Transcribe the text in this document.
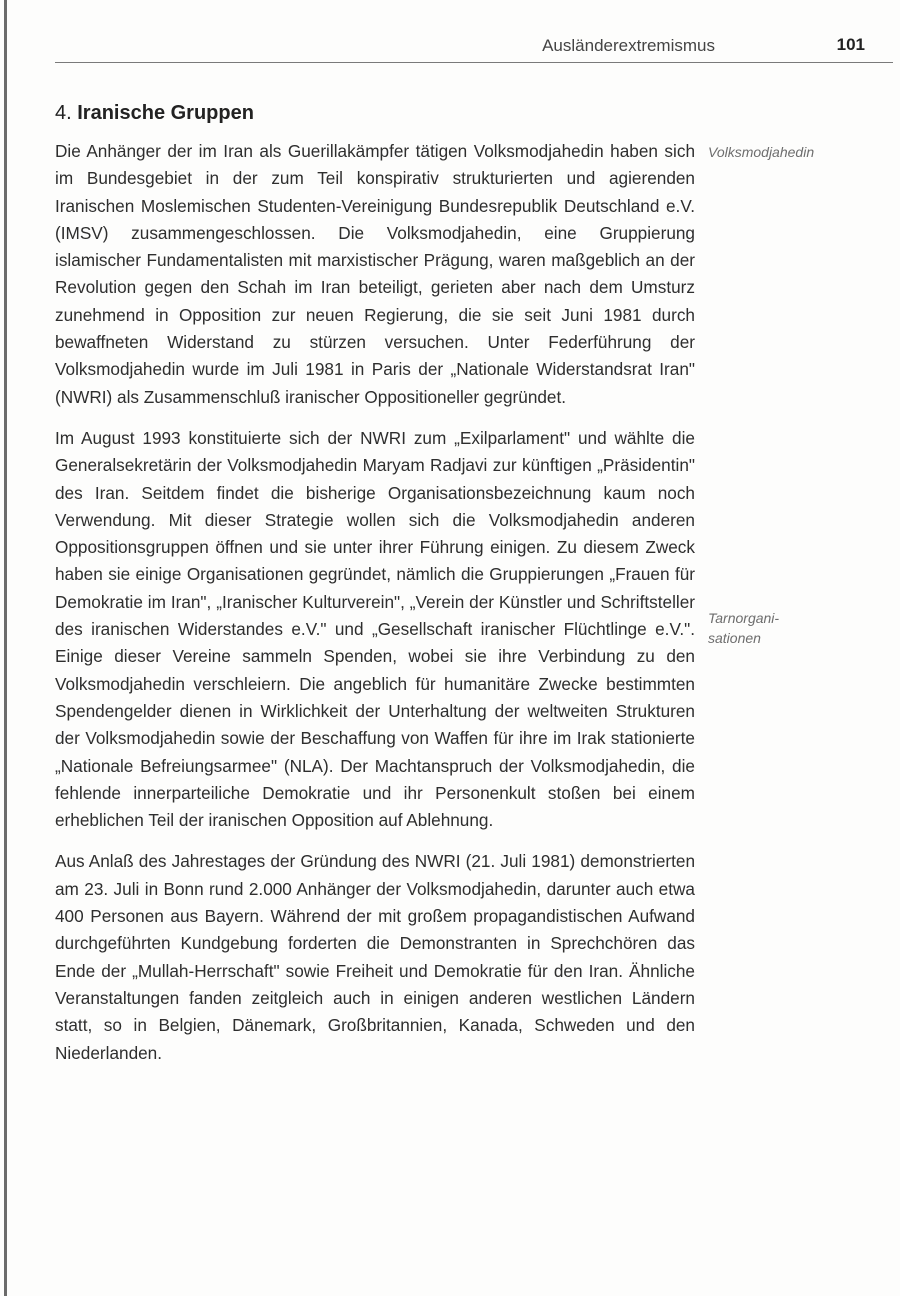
Ausländerextremismus	101
4. Iranische Gruppen

Die Anhänger der im Iran als Guerillakämpfer tätigen Volksmodjahedin haben sich im Bundesgebiet in der zum Teil konspirativ strukturierten und agierenden Iranischen Moslemischen Studenten-Vereinigung Bundesrepublik Deutschland e.V. (IMSV) zusammengeschlossen. Die Volksmodjahedin, eine Gruppierung islamischer Fundamentalisten mit marxistischer Prägung, waren maßgeblich an der Revolution gegen den Schah im Iran beteiligt, gerieten aber nach dem Umsturz zunehmend in Opposition zur neuen Regierung, die sie seit Juni 1981 durch bewaffneten Widerstand zu stürzen versuchen. Unter Federführung der Volksmodjahedin wurde im Juli 1981 in Paris der „Nationale Widerstandsrat Iran" (NWRI) als Zusammenschluß iranischer Oppositioneller gegründet.

Im August 1993 konstituierte sich der NWRI zum „Exilparlament" und wählte die Generalsekretärin der Volksmodjahedin Maryam Radjavi zur künftigen „Präsidentin" des Iran. Seitdem findet die bisherige Organisationsbezeichnung kaum noch Verwendung. Mit dieser Strategie wollen sich die Volksmodjahedin anderen Oppositionsgruppen öffnen und sie unter ihrer Führung einigen. Zu diesem Zweck haben sie einige Organisationen gegründet, nämlich die Gruppierungen „Frauen für Demokratie im Iran", „Iranischer Kulturverein", „Verein der Künstler und Schriftsteller des iranischen Widerstandes e.V." und „Gesellschaft iranischer Flüchtlinge e.V.". Einige dieser Vereine sammeln Spenden, wobei sie ihre Verbindung zu den Volksmodjahedin verschleiern. Die angeblich für humanitäre Zwecke bestimmten Spendengelder dienen in Wirklichkeit der Unterhaltung der weltweiten Strukturen der Volksmodjahedin sowie der Beschaffung von Waffen für ihre im Irak stationierte „Nationale Befreiungsarmee" (NLA). Der Machtanspruch der Volksmodjahedin, die fehlende innerparteiliche Demokratie und ihr Personenkult stoßen bei einem erheblichen Teil der iranischen Opposition auf Ablehnung.

Aus Anlaß des Jahrestages der Gründung des NWRI (21. Juli 1981) demonstrierten am 23. Juli in Bonn rund 2.000 Anhänger der Volksmodjahedin, darunter auch etwa 400 Personen aus Bayern. Während der mit großem propagandistischen Aufwand durchgeführten Kundgebung forderten die Demonstranten in Sprechchören das Ende der „Mullah-Herrschaft" sowie Freiheit und Demokratie für den Iran. Ähnliche Veranstaltungen fanden zeitgleich auch in einigen anderen westlichen Ländern statt, so in Belgien, Dänemark, Großbritannien, Kanada, Schweden und den Niederlanden.

Volksmodjahedin
Tarnorgani-sationen
